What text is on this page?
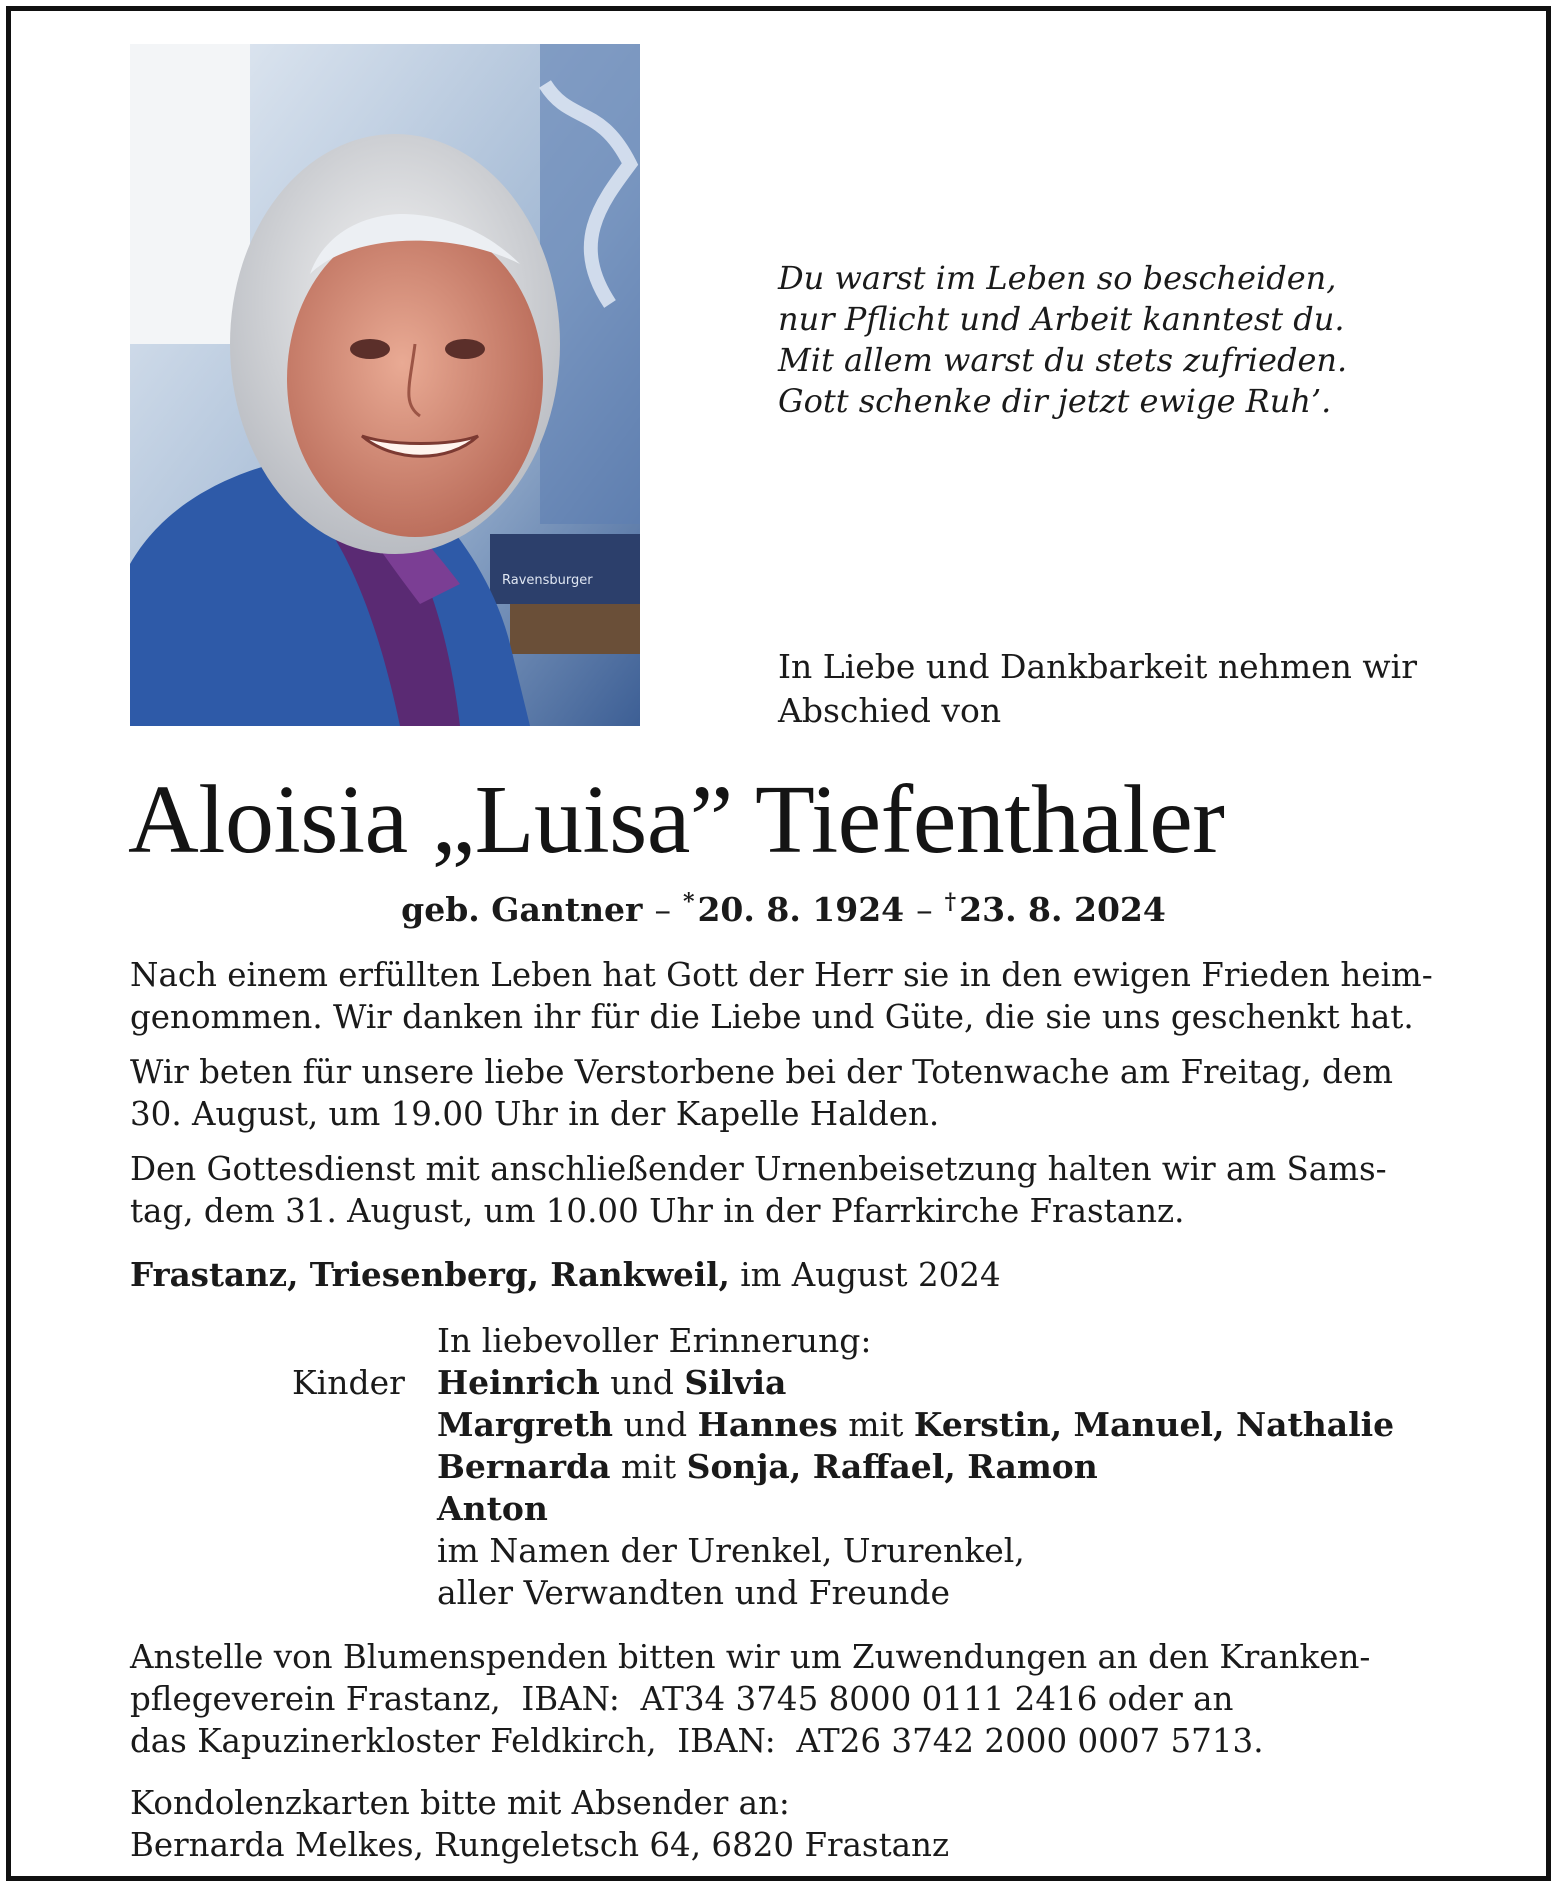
Ravensburger
Du warst im Leben so bescheiden,
nur Pflicht und Arbeit kanntest du.
Mit allem warst du stets zufrieden.
Gott schenke dir jetzt ewige Ruh’.
In Liebe und Dankbarkeit nehmen wir
Abschied von
Aloisia „Luisa” Tiefenthaler
geb. Gantner – *20. 8. 1924 – †23. 8. 2024
Nach einem erfüllten Leben hat Gott der Herr sie in den ewigen Frieden heim-
genommen. Wir danken ihr für die Liebe und Güte, die sie uns geschenkt hat.
Wir beten für unsere liebe Verstorbene bei der Totenwache am Freitag, dem
30. August, um 19.00 Uhr in der Kapelle Halden.
Den Gottesdienst mit anschließender Urnenbeisetzung halten wir am Sams-
tag, dem 31. August, um 10.00 Uhr in der Pfarrkirche Frastanz.
Frastanz, Triesenberg, Rankweil, im August 2024
In liebevoller Erinnerung:
Kinder Heinrich und Silvia
Margreth und Hannes mit Kerstin, Manuel, Nathalie
Bernarda mit Sonja, Raffael, Ramon
Anton
im Namen der Urenkel, Ururenkel,
aller Verwandten und Freunde
Anstelle von Blumenspenden bitten wir um Zuwendungen an den Kranken-
pflegeverein Frastanz,  IBAN:  AT34 3745 8000 0111 2416 oder an
das Kapuzinerkloster Feldkirch,  IBAN:  AT26 3742 2000 0007 5713.
Kondolenzkarten bitte mit Absender an:
Bernarda Melkes, Rungeletsch 64, 6820 Frastanz
